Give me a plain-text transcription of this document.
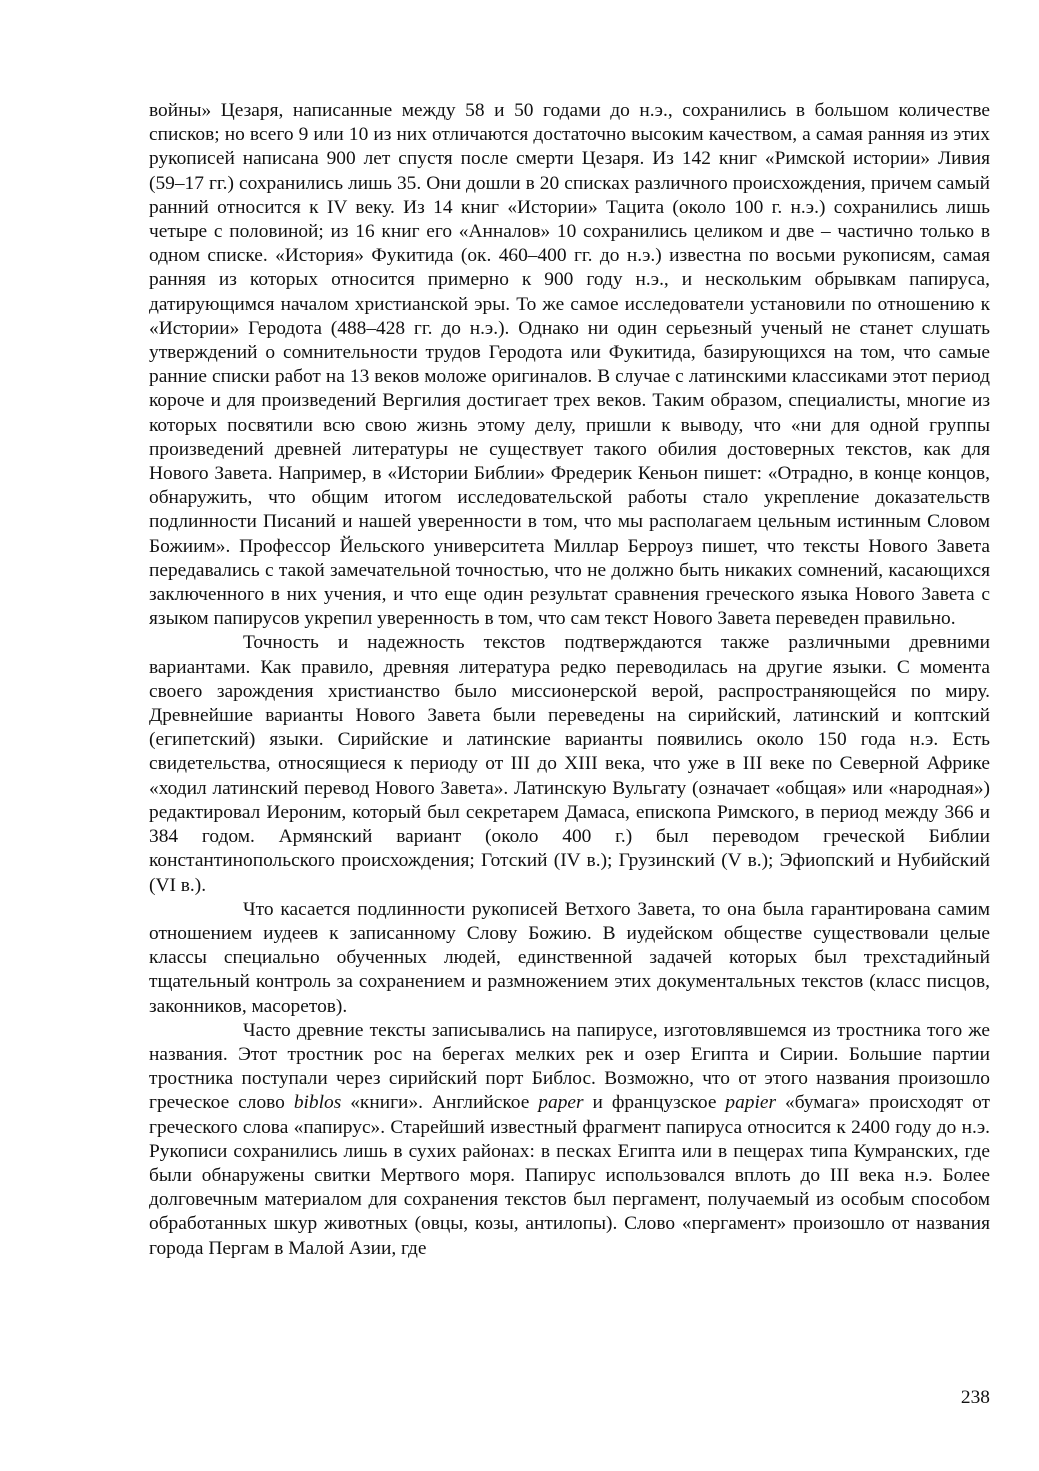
войны» Цезаря, написанные между 58 и 50 годами до н.э., сохранились в большом количестве списков; но всего 9 или 10 из них отличаются достаточно высоким качеством, а самая ранняя из этих рукописей написана 900 лет спустя после смерти Цезаря. Из 142 книг «Римской истории» Ливия (59–17 гг.) сохранились лишь 35. Они дошли в 20 списках различного происхождения, причем самый ранний относится к IV веку. Из 14 книг «Истории» Тацита (около 100 г. н.э.) сохранились лишь четыре с половиной; из 16 книг его «Анналов» 10 сохранились целиком и две – частично только в одном списке. «История» Фукитида (ок. 460–400 гг. до н.э.) известна по восьми рукописям, самая ранняя из которых относится примерно к 900 году н.э., и нескольким обрывкам папируса, датирующимся началом христианской эры. То же самое исследователи установили по отношению к «Истории» Геродота (488–428 гг. до н.э.). Однако ни один серьезный ученый не станет слушать утверждений о сомнительности трудов Геродота или Фукитида, базирующихся на том, что самые ранние списки работ на 13 веков моложе оригиналов. В случае с латинскими классиками этот период короче и для произведений Вергилия достигает трех веков. Таким образом, специалисты, многие из которых посвятили всю свою жизнь этому делу, пришли к выводу, что «ни для одной группы произведений древней литературы не существует такого обилия достоверных текстов, как для Нового Завета. Например, в «Истории Библии» Фредерик Кеньон пишет: «Отрадно, в конце концов, обнаружить, что общим итогом исследовательской работы стало укрепление доказательств подлинности Писаний и нашей уверенности в том, что мы располагаем цельным истинным Словом Божиим». Профессор Йельского университета Миллар Берроуз пишет, что тексты Нового Завета передавались с такой замечательной точностью, что не должно быть никаких сомнений, касающихся заключенного в них учения, и что еще один результат сравнения греческого языка Нового Завета с языком папирусов укрепил уверенность в том, что сам текст Нового Завета переведен правильно.

Точность и надежность текстов подтверждаются также различными древними вариантами. Как правило, древняя литература редко переводилась на другие языки. С момента своего зарождения христианство было миссионерской верой, распространяющейся по миру. Древнейшие варианты Нового Завета были переведены на сирийский, латинский и коптский (египетский) языки. Сирийские и латинские варианты появились около 150 года н.э. Есть свидетельства, относящиеся к периоду от III до XIII века, что уже в III веке по Северной Африке «ходил латинский перевод Нового Завета». Латинскую Вульгату (означает «общая» или «народная») редактировал Иероним, который был секретарем Дамаса, епископа Римского, в период между 366 и 384 годом. Армянский вариант (около 400 г.) был переводом греческой Библии константинопольского происхождения; Готский (IV в.); Грузинский (V в.); Эфиопский и Нубийский (VI в.).

Что касается подлинности рукописей Ветхого Завета, то она была гарантирована самим отношением иудеев к записанному Слову Божию. В иудейском обществе существовали целые классы специально обученных людей, единственной задачей которых был трехстадийный тщательный контроль за сохранением и размножением этих документальных текстов (класс писцов, законников, масоретов).

Часто древние тексты записывались на папирусе, изготовлявшемся из тростника того же названия. Этот тростник рос на берегах мелких рек и озер Египта и Сирии. Большие партии тростника поступали через сирийский порт Библос. Возможно, что от этого названия произошло греческое слово biblos «книги». Английское paper и французское papier «бумага» происходят от греческого слова «папирус». Старейший известный фрагмент папируса относится к 2400 году до н.э. Рукописи сохранились лишь в сухих районах: в песках Египта или в пещерах типа Кумранских, где были обнаружены свитки Мертвого моря. Папирус использовался вплоть до III века н.э. Более долговечным материалом для сохранения текстов был пергамент, получаемый из особым способом обработанных шкур животных (овцы, козы, антилопы). Слово «пергамент» произошло от названия города Пергам в Малой Азии, где

238
